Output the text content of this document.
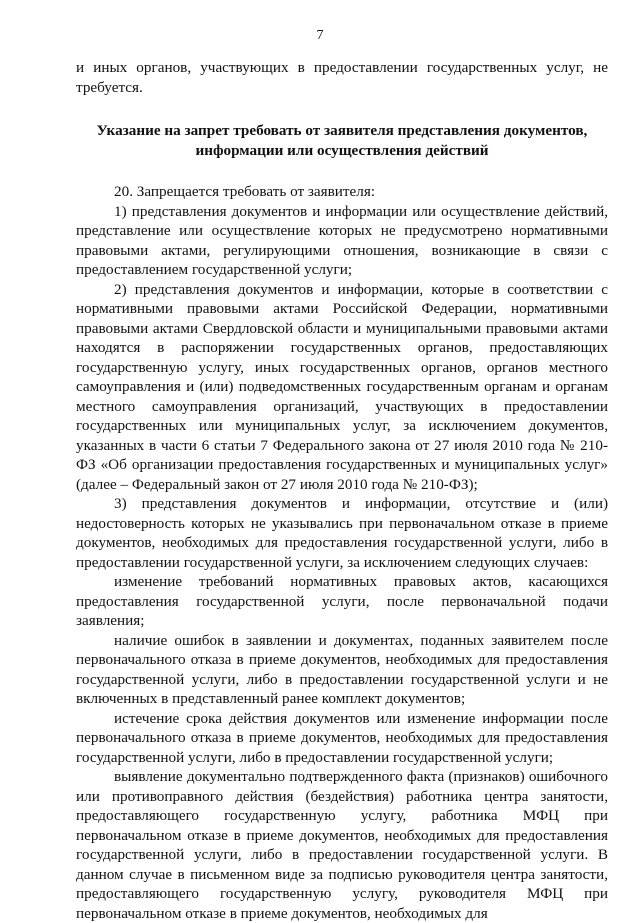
7

и иных органов, участвующих в предоставлении государственных услуг, не требуется.

Указание на запрет требовать от заявителя представления документов, информации или осуществления действий

20. Запрещается требовать от заявителя:

1) представления документов и информации или осуществление действий, представление или осуществление которых не предусмотрено нормативными правовыми актами, регулирующими отношения, возникающие в связи с предоставлением государственной услуги;

2) представления документов и информации, которые в соответствии с нормативными правовыми актами Российской Федерации, нормативными правовыми актами Свердловской области и муниципальными правовыми актами находятся в распоряжении государственных органов, предоставляющих государственную услугу, иных государственных органов, органов местного самоуправления и (или) подведомственных государственным органам и органам местного самоуправления организаций, участвующих в предоставлении государственных или муниципальных услуг, за исключением документов, указанных в части 6 статьи 7 Федерального закона от 27 июля 2010 года № 210-ФЗ «Об организации предоставления государственных и муниципальных услуг» (далее – Федеральный закон от 27 июля 2010 года № 210-ФЗ);

3) представления документов и информации, отсутствие и (или) недостоверность которых не указывались при первоначальном отказе в приеме документов, необходимых для предоставления государственной услуги, либо в предоставлении государственной услуги, за исключением следующих случаев:

изменение требований нормативных правовых актов, касающихся предоставления государственной услуги, после первоначальной подачи заявления;

наличие ошибок в заявлении и документах, поданных заявителем после первоначального отказа в приеме документов, необходимых для предоставления государственной услуги, либо в предоставлении государственной услуги и не включенных в представленный ранее комплект документов;

истечение срока действия документов или изменение информации после первоначального отказа в приеме документов, необходимых для предоставления государственной услуги, либо в предоставлении государственной услуги;

выявление документально подтвержденного факта (признаков) ошибочного или противоправного действия (бездействия) работника центра занятости, предоставляющего государственную услугу, работника МФЦ при первоначальном отказе в приеме документов, необходимых для предоставления государственной услуги, либо в предоставлении государственной услуги. В данном случае в письменном виде за подписью руководителя центра занятости, предоставляющего государственную услугу, руководителя МФЦ при первоначальном отказе в приеме документов, необходимых для
